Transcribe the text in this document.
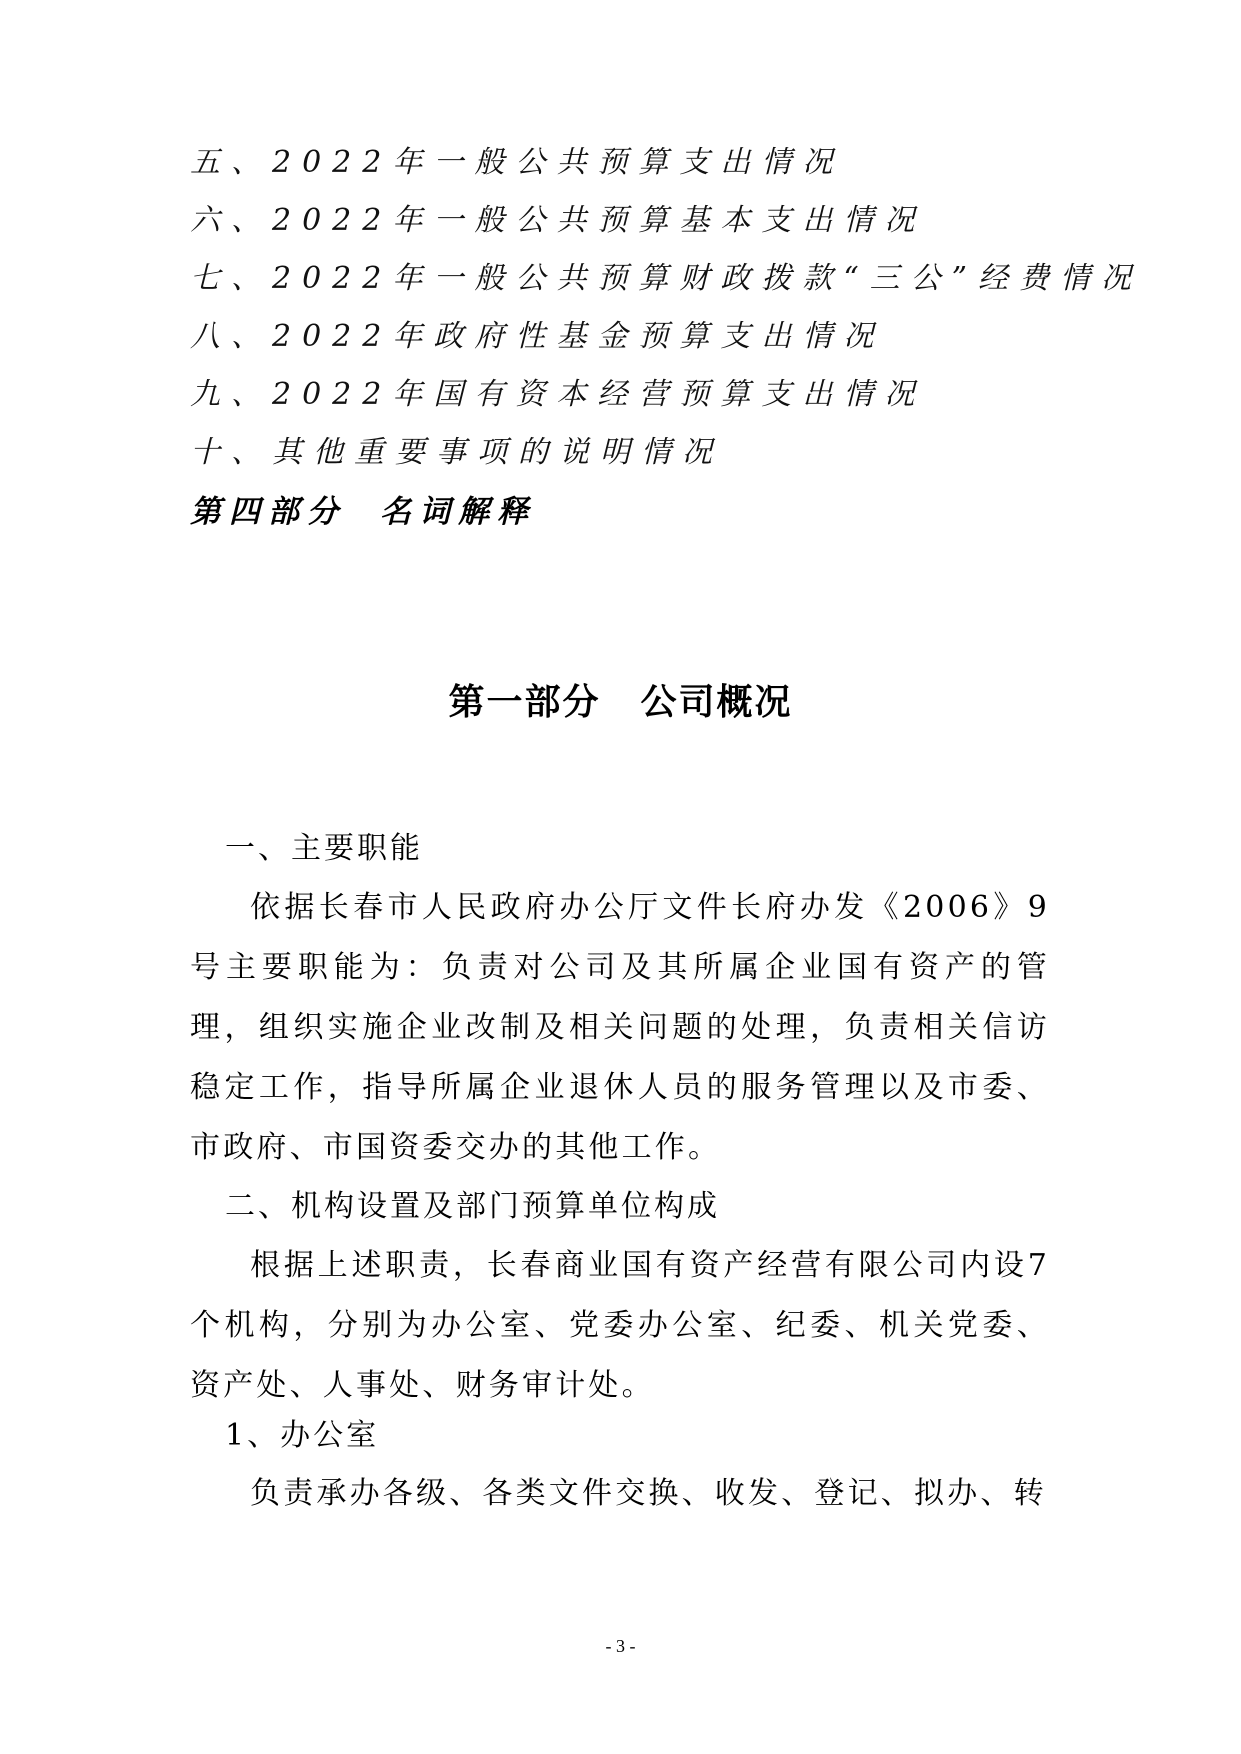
五、2022年一般公共预算支出情况
六、2022年一般公共预算基本支出情况
七、2022年一般公共预算财政拨款“三公”经费情况
八、2022年政府性基金预算支出情况
九、2022年国有资本经营预算支出情况
十、其他重要事项的说明情况
第四部分 名词解释
第一部分 公司概况
一、主要职能
依据长春市人民政府办公厅文件长府办发《2006》9号主要职能为：负责对公司及其所属企业国有资产的管理，组织实施企业改制及相关问题的处理，负责相关信访稳定工作，指导所属企业退休人员的服务管理以及市委、市政府、市国资委交办的其他工作。
二、机构设置及部门预算单位构成
根据上述职责，长春商业国有资产经营有限公司内设7个机构，分别为办公室、党委办公室、纪委、机关党委、资产处、人事处、财务审计处。
1、办公室
负责承办各级、各类文件交换、收发、登记、拟办、转
- 3 -
